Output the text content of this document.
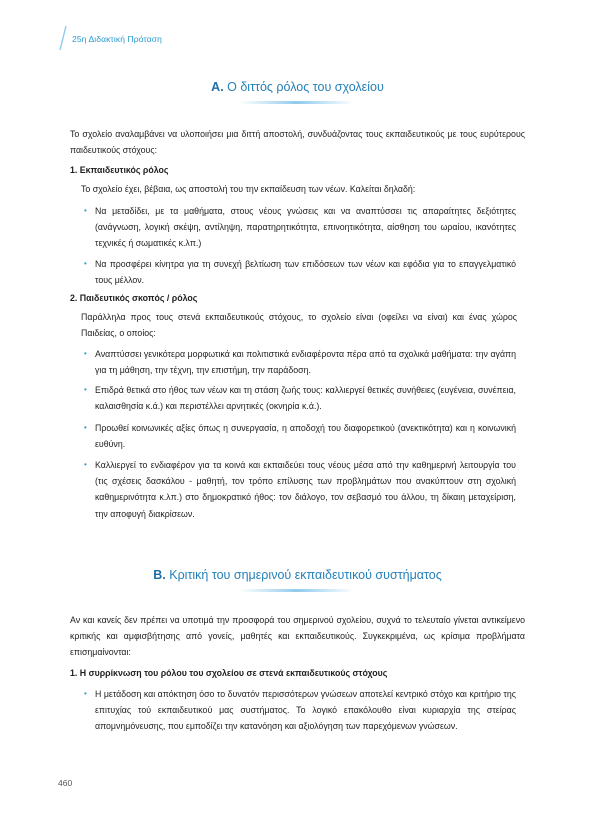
25η Διδακτική Πρόταση
Α. Ο διττός ρόλος του σχολείου

Το σχολείο αναλαμβάνει να υλοποιήσει μια διττή αποστολή, συνδυάζοντας τους εκπαιδευτικούς με τους ευρύτερους παιδευτικούς στόχους:

1. Εκπαιδευτικός ρόλος

Το σχολείο έχει, βέβαια, ως αποστολή του την εκπαίδευση των νέων. Καλείται δηλαδή:

• Να μεταδίδει, με τα μαθήματα, στους νέους γνώσεις και να αναπτύσσει τις απαραίτητες δεξιότητες (ανάγνωση, λογική σκέψη, αντίληψη, παρατηρητικότητα, επινοητικότητα, αίσθηση του ωραίου, ικανότητες τεχνικές ή σωματικές κ.λπ.)
• Να προσφέρει κίνητρα για τη συνεχή βελτίωση των επιδόσεων των νέων και εφόδια για το επαγγελματικό τους μέλλον.
2. Παιδευτικός σκοπός / ρόλος

Παράλληλα προς τους στενά εκπαιδευτικούς στόχους, το σχολείο είναι (οφείλει να είναι) και ένας χώρος Παιδείας, ο οποίος:

• Αναπτύσσει γενικότερα μορφωτικά και πολιτιστικά ενδιαφέροντα πέρα από τα σχολικά μαθήματα: την αγάπη για τη μάθηση, την τέχνη, την επιστήμη, την παράδοση.
• Επιδρά θετικά στο ήθος των νέων και τη στάση ζωής τους: καλλιεργεί θετικές συνήθειες (ευγένεια, συνέπεια, καλαισθησία κ.ά.) και περιστέλλει αρνητικές (οκνηρία κ.ά.).
• Προωθεί κοινωνικές αξίες όπως η συνεργασία, η αποδοχή του διαφορετικού (ανεκτικότητα) και η κοινωνική ευθύνη.
• Καλλιεργεί το ενδιαφέρον για τα κοινά και εκπαιδεύει τους νέους μέσα από την καθημερινή λειτουργία του (τις σχέσεις δασκάλου - μαθητή, τον τρόπο επίλυσης των προβλημάτων που ανακύπτουν στη σχολική καθημερινότητα κ.λπ.) στο δημοκρατικό ήθος: τον διάλογο, τον σεβασμό του άλλου, τη δίκαιη μεταχείριση, την αποφυγή διακρίσεων.
Β. Κριτική του σημερινού εκπαιδευτικού συστήματος

Αν και κανείς δεν πρέπει να υποτιμά την προσφορά του σημερινού σχολείου, συχνά το τελευταίο γίνεται αντικείμενο κριτικής και αμφισβήτησης από γονείς, μαθητές και εκπαιδευτικούς. Συγκεκριμένα, ως κρίσιμα προβλήματα επισημαίνονται:

1. Η συρρίκνωση του ρόλου του σχολείου σε στενά εκπαιδευτικούς στόχους
• Η μετάδοση και απόκτηση όσο το δυνατόν περισσότερων γνώσεων αποτελεί κεντρικό στόχο και κριτήριο της επιτυχίας τού εκπαιδευτικού μας συστήματος. Το λογικό επακόλουθο είναι κυριαρχία της στείρας απομνημόνευσης, που εμποδίζει την κατανόηση και αξιολόγηση των παρεχόμενων γνώσεων.
460
